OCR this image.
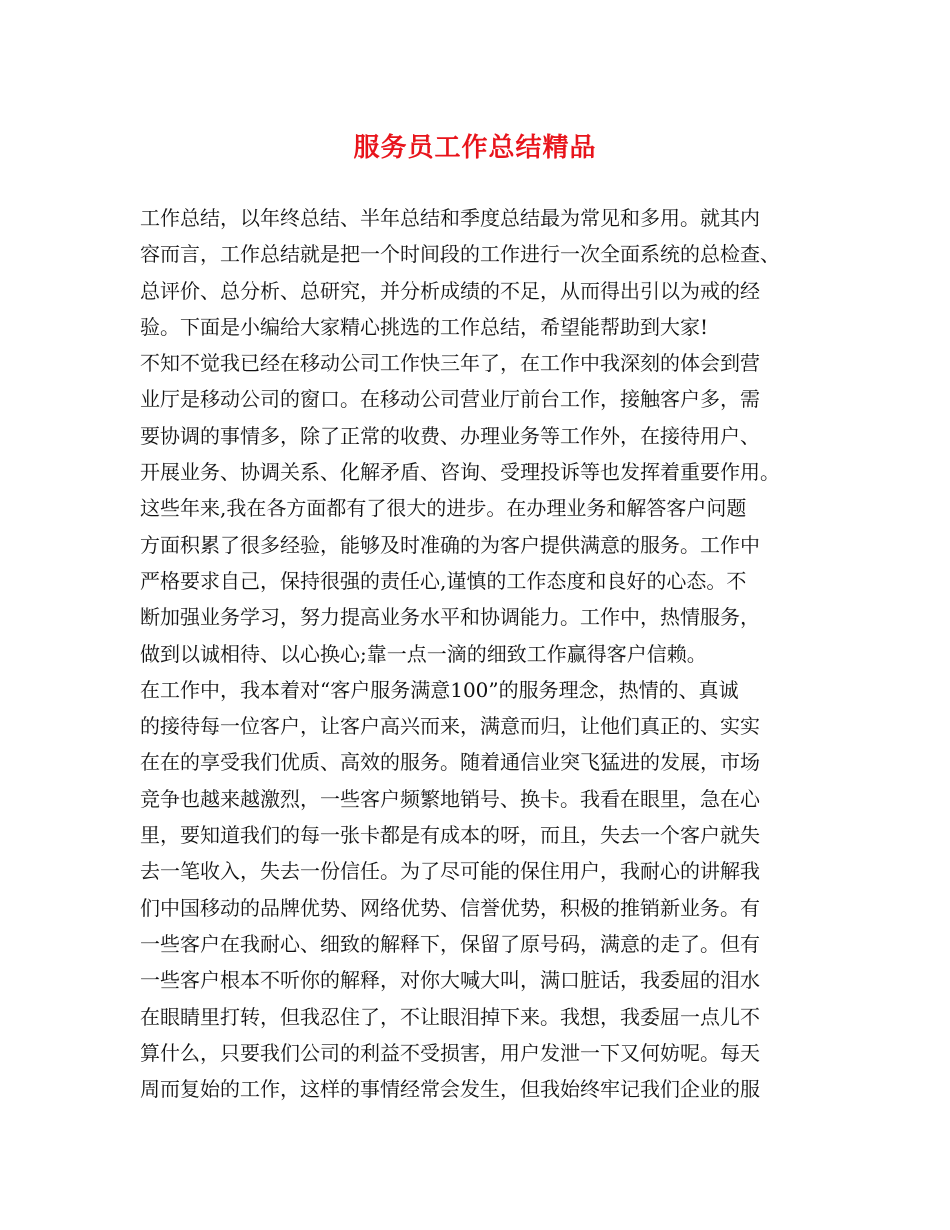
服务员工作总结精品
工作总结，以年终总结、半年总结和季度总结最为常见和多用。就其内
容而言，工作总结就是把一个时间段的工作进行一次全面系统的总检查、
总评价、总分析、总研究，并分析成绩的不足，从而得出引以为戒的经
验。下面是小编给大家精心挑选的工作总结，希望能帮助到大家!
不知不觉我已经在移动公司工作快三年了，在工作中我深刻的体会到营
业厅是移动公司的窗口。在移动公司营业厅前台工作，接触客户多，需
要协调的事情多，除了正常的收费、办理业务等工作外，在接待用户、
开展业务、协调关系、化解矛盾、咨询、受理投诉等也发挥着重要作用。
这些年来,我在各方面都有了很大的进步。在办理业务和解答客户问题
方面积累了很多经验，能够及时准确的为客户提供满意的服务。工作中
严格要求自己，保持很强的责任心,谨慎的工作态度和良好的心态。不
断加强业务学习，努力提高业务水平和协调能力。工作中，热情服务，
做到以诚相待、以心换心;靠一点一滴的细致工作赢得客户信赖。
在工作中，我本着对“客户服务满意100”的服务理念，热情的、真诚
的接待每一位客户，让客户高兴而来，满意而归，让他们真正的、实实
在在的享受我们优质、高效的服务。随着通信业突飞猛进的发展，市场
竞争也越来越激烈，一些客户频繁地销号、换卡。我看在眼里，急在心
里，要知道我们的每一张卡都是有成本的呀，而且，失去一个客户就失
去一笔收入，失去一份信任。为了尽可能的保住用户，我耐心的讲解我
们中国移动的品牌优势、网络优势、信誉优势，积极的推销新业务。有
一些客户在我耐心、细致的解释下，保留了原号码，满意的走了。但有
一些客户根本不听你的解释，对你大喊大叫，满口脏话，我委屈的泪水
在眼睛里打转，但我忍住了，不让眼泪掉下来。我想，我委屈一点儿不
算什么，只要我们公司的利益不受损害，用户发泄一下又何妨呢。每天
周而复始的工作，这样的事情经常会发生，但我始终牢记我们企业的服
